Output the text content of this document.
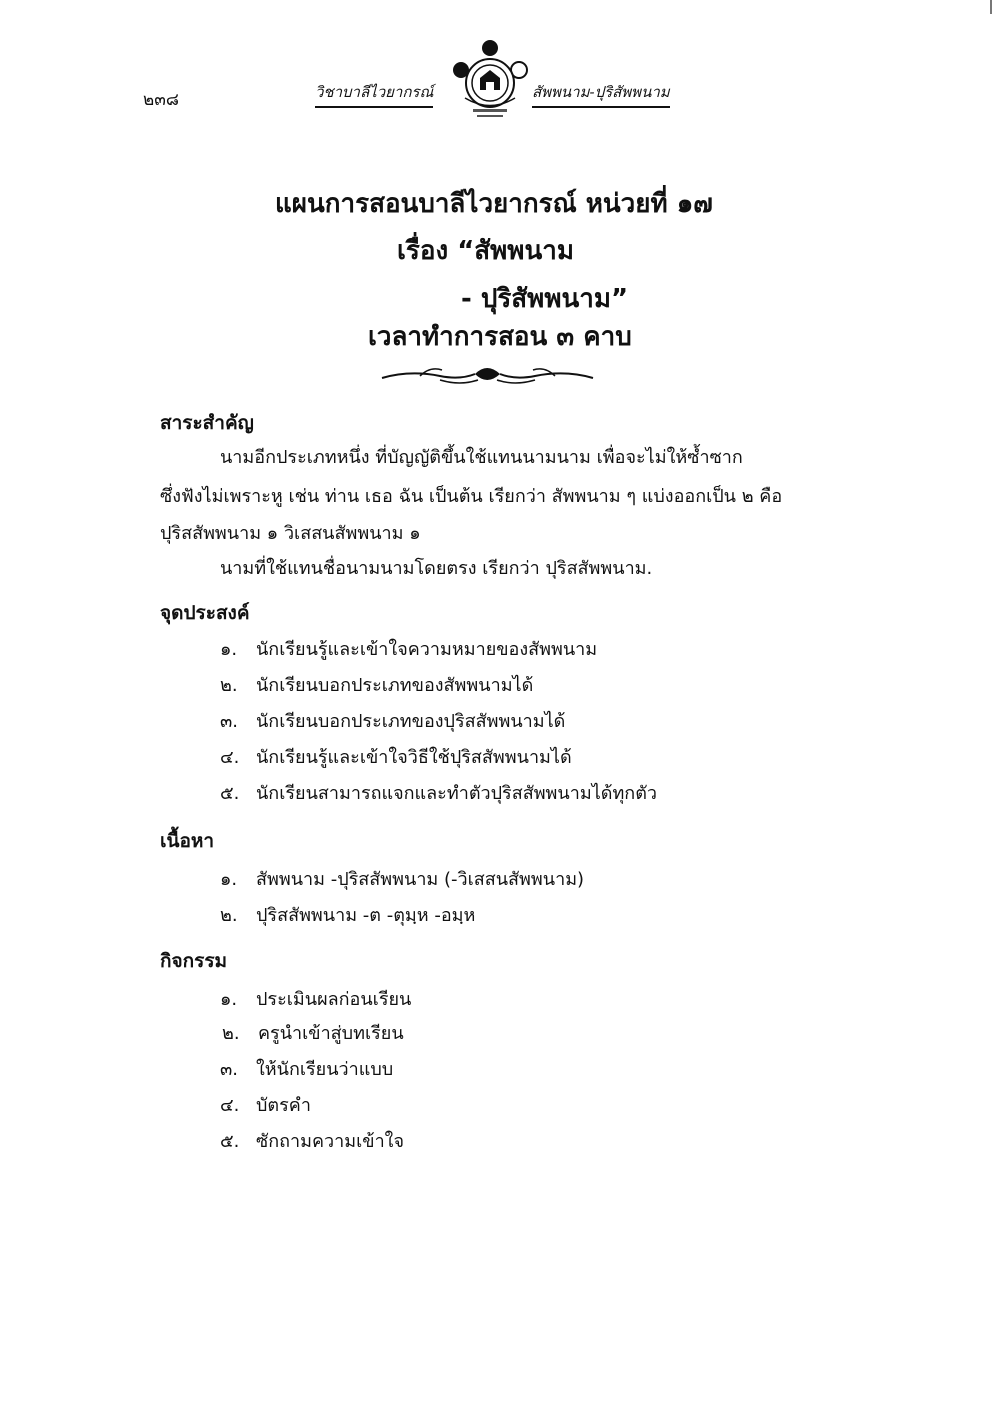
๒๓๘	วิชาบาลีไวยากรณ์	สัพพนาม-ปุริสัพพนาม
แผนการสอนบาลีไวยากรณ์ หน่วยที่ ๑๗
เรื่อง “สัพพนาม
- ปุริสัพพนาม”
เวลาทำการสอน ๓ คาบ
สาระสำคัญ
นามอีกประเภทหนึ่ง ที่บัญญัติขึ้นใช้แทนนามนาม เพื่อจะไม่ให้ซ้ำซาก
ซึ่งฟังไม่เพราะหู เช่น ท่าน เธอ ฉัน เป็นต้น เรียกว่า สัพพนาม ๆ แบ่งออกเป็น ๒ คือ
ปุริสสัพพนาม ๑ วิเสสนสัพพนาม ๑
นามที่ใช้แทนชื่อนามนามโดยตรง เรียกว่า ปุริสสัพพนาม.
จุดประสงค์
๑. นักเรียนรู้และเข้าใจความหมายของสัพพนาม
๒. นักเรียนบอกประเภทของสัพพนามได้
๓. นักเรียนบอกประเภทของปุริสสัพพนามได้
๔. นักเรียนรู้และเข้าใจวิธีใช้ปุริสสัพพนามได้
๕. นักเรียนสามารถแจกและทำตัวปุริสสัพพนามได้ทุกตัว
เนื้อหา
๑. สัพพนาม -ปุริสสัพพนาม (-วิเสสนสัพพนาม)
๒. ปุริสสัพพนาม -ต -ตุมฺห -อมฺห
กิจกรรม
๑. ประเมินผลก่อนเรียน
๒. ครูนำเข้าสู่บทเรียน
๓. ให้นักเรียนว่าแบบ
๔. บัตรคำ
๕. ซักถามความเข้าใจ
